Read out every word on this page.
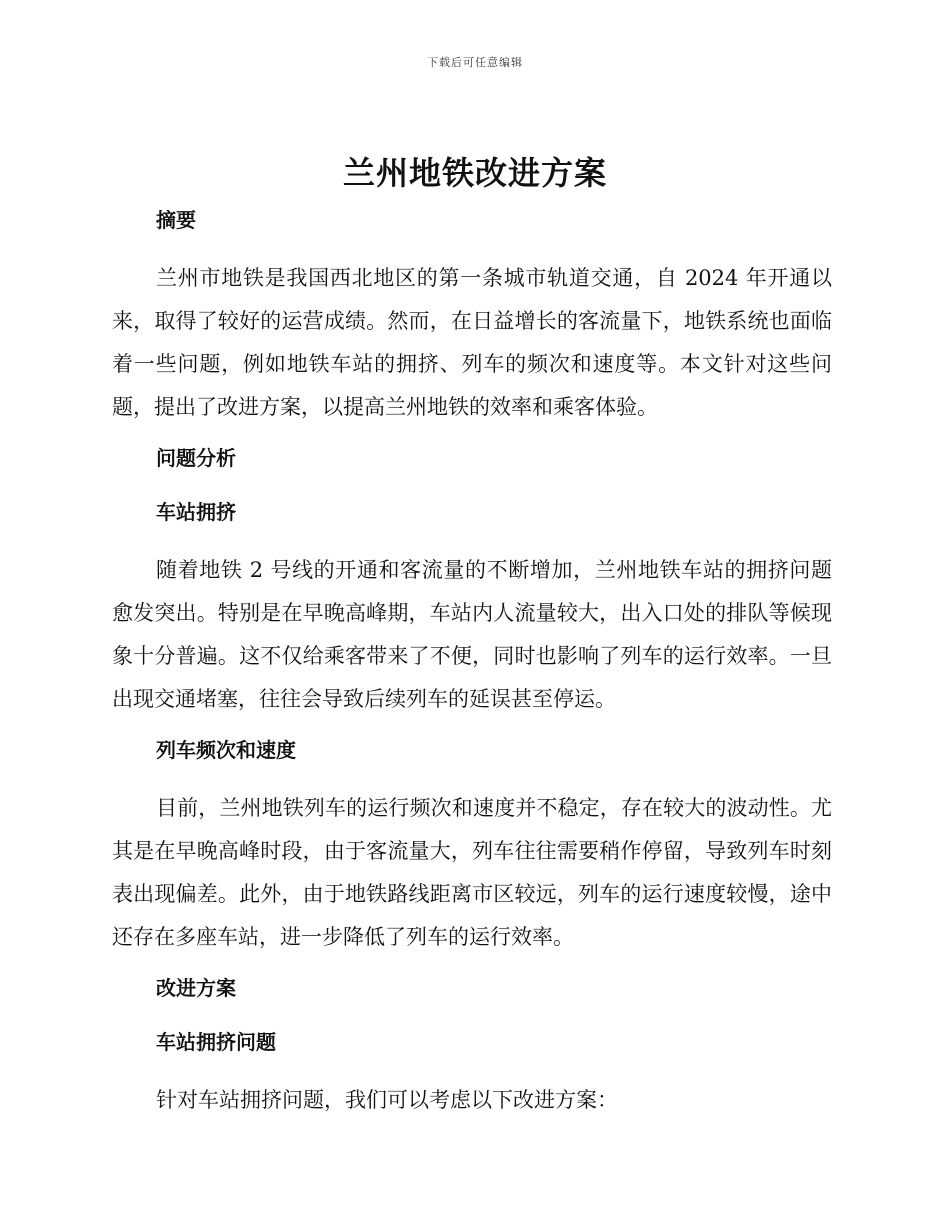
下载后可任意编辑
兰州地铁改进方案
摘要

兰州市地铁是我国西北地区的第一条城市轨道交通，自 2024 年开通以来，取得了较好的运营成绩。然而，在日益增长的客流量下，地铁系统也面临着一些问题，例如地铁车站的拥挤、列车的频次和速度等。本文针对这些问题，提出了改进方案，以提高兰州地铁的效率和乘客体验。

问题分析
车站拥挤

随着地铁 2 号线的开通和客流量的不断增加，兰州地铁车站的拥挤问题愈发突出。特别是在早晚高峰期，车站内人流量较大，出入口处的排队等候现象十分普遍。这不仅给乘客带来了不便，同时也影响了列车的运行效率。一旦出现交通堵塞，往往会导致后续列车的延误甚至停运。

列车频次和速度

目前，兰州地铁列车的运行频次和速度并不稳定，存在较大的波动性。尤其是在早晚高峰时段，由于客流量大，列车往往需要稍作停留，导致列车时刻表出现偏差。此外，由于地铁路线距离市区较远，列车的运行速度较慢，途中还存在多座车站，进一步降低了列车的运行效率。

改进方案
车站拥挤问题

针对车站拥挤问题，我们可以考虑以下改进方案：
